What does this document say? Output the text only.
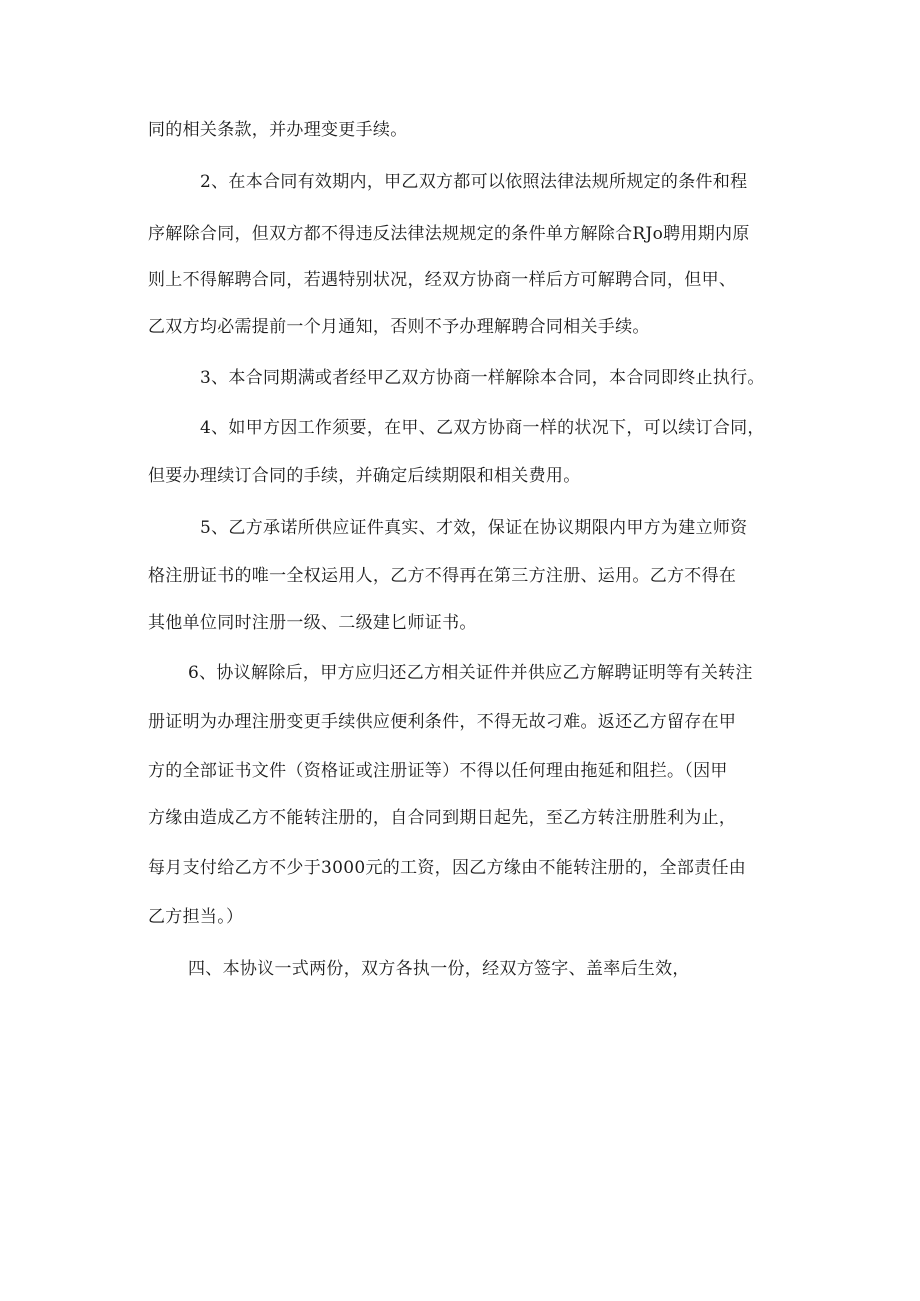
同的相关条款，并办理变更手续。

2、在本合同有效期内，甲乙双方都可以依照法律法规所规定的条件和程

序解除合同，但双方都不得违反法律法规规定的条件单方解除合RJo聘用期内原

则上不得解聘合同，若遇特别状况，经双方协商一样后方可解聘合同，但甲、

乙双方均必需提前一个月通知，否则不予办理解聘合同相关手续。

3、本合同期满或者经甲乙双方协商一样解除本合同，本合同即终止执行。

4、如甲方因工作须要，在甲、乙双方协商一样的状况下，可以续订合同，

但要办理续订合同的手续，并确定后续期限和相关费用。

5、乙方承诺所供应证件真实、才效，保证在协议期限内甲方为建立师资

格注册证书的唯一全权运用人，乙方不得再在第三方注册、运用。乙方不得在

其他单位同时注册一级、二级建匕师证书。

6、协议解除后，甲方应归还乙方相关证件并供应乙方解聘证明等有关转注

册证明为办理注册变更手续供应便利条件，不得无故刁难。返还乙方留存在甲

方的全部证书文件（资格证或注册证等）不得以任何理由拖延和阻拦。（因甲

方缘由造成乙方不能转注册的，自合同到期日起先，至乙方转注册胜利为止，

每月支付给乙方不少于3000元的工资，因乙方缘由不能转注册的，全部责任由

乙方担当。）

四、本协议一式两份，双方各执一份，经双方签字、盖率后生效，
